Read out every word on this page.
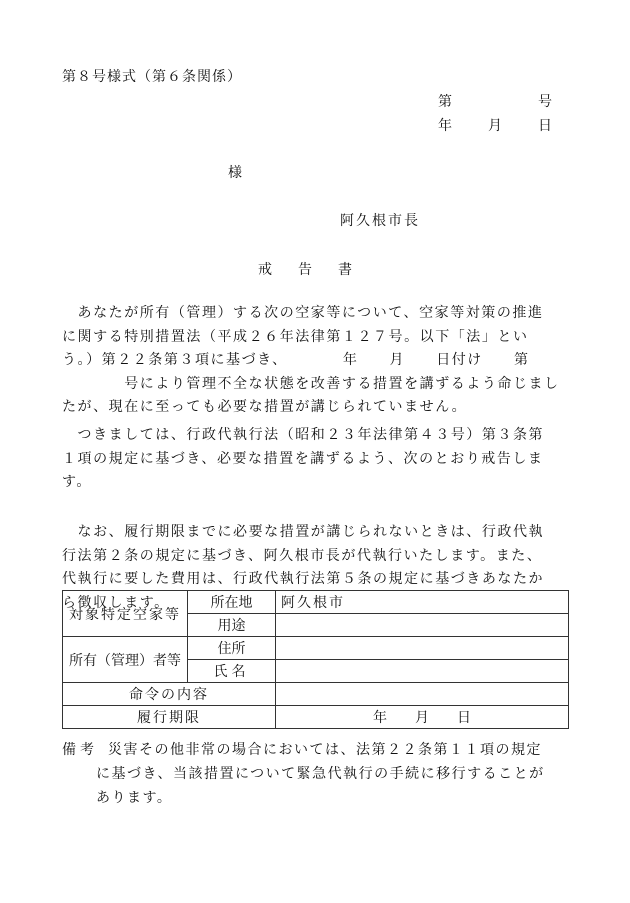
第８号様式（第６条関係）
第	号
年	月	日
様
阿久根市長
戒告書
　あなたが所有（管理）する次の空家等について、空家等対策の推進
に関する特別措置法（平成２６年法律第１２７号。以下「法」とい
う。）第２２条第３項に基づき、　　　　年　　月　　日付け　　第
　　　　号により管理不全な状態を改善する措置を講ずるよう命じまし
たが、現在に至っても必要な措置が講じられていません。
　つきましては、行政代執行法（昭和２３年法律第４３号）第３条第
１項の規定に基づき、必要な措置を講ずるよう、次のとおり戒告しま
す。
　なお、履行期限までに必要な措置が講じられないときは、行政代執
行法第２条の規定に基づき、阿久根市長が代執行いたします。また、
代執行に要した費用は、行政代執行法第５条の規定に基づきあなたか
ら徴収します。
対象特定空家等	所在地	阿久根市
	用途	
所有（管理）者等	住所	
	氏名	
命令の内容		
履行期限		年　　月　　日
備考 災害その他非常の場合においては、法第２２条第１１項の規定
に基づき、当該措置について緊急代執行の手続に移行することが
あります。
